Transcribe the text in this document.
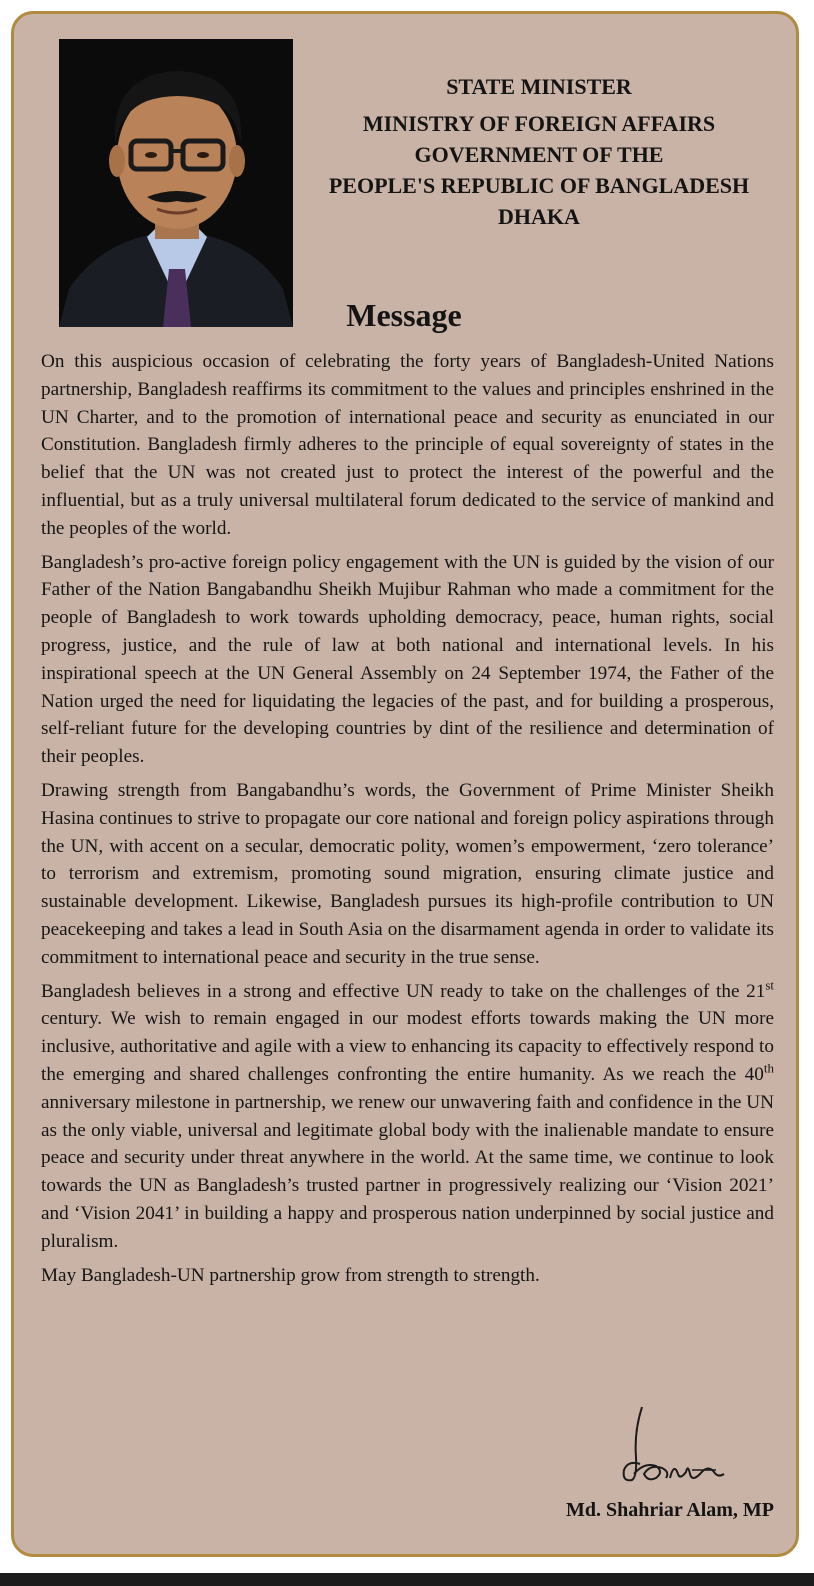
STATE MINISTER
MINISTRY OF FOREIGN AFFAIRS
GOVERNMENT OF THE
PEOPLE'S REPUBLIC OF BANGLADESH
DHAKA
Message

On this auspicious occasion of celebrating the forty years of Bangladesh-United Nations partnership, Bangladesh reaffirms its commitment to the values and principles enshrined in the UN Charter, and to the promotion of international peace and security as enunciated in our Constitution. Bangladesh firmly adheres to the principle of equal sovereignty of states in the belief that the UN was not created just to protect the interest of the powerful and the influential, but as a truly universal multilateral forum dedicated to the service of mankind and the peoples of the world.

Bangladesh’s pro-active foreign policy engagement with the UN is guided by the vision of our Father of the Nation Bangabandhu Sheikh Mujibur Rahman who made a commitment for the people of Bangladesh to work towards upholding democracy, peace, human rights, social progress, justice, and the rule of law at both national and international levels. In his inspirational speech at the UN General Assembly on 24 September 1974, the Father of the Nation urged the need for liquidating the legacies of the past, and for building a prosperous, self-reliant future for the developing countries by dint of the resilience and determination of their peoples.

Drawing strength from Bangabandhu’s words, the Government of Prime Minister Sheikh Hasina continues to strive to propagate our core national and foreign policy aspirations through the UN, with accent on a secular, democratic polity, women’s empowerment, ‘zero tolerance’ to terrorism and extremism, promoting sound migration, ensuring climate justice and sustainable development. Likewise, Bangladesh pursues its high-profile contribution to UN peacekeeping and takes a lead in South Asia on the disarmament agenda in order to validate its commitment to international peace and security in the true sense.

Bangladesh believes in a strong and effective UN ready to take on the challenges of the 21st century. We wish to remain engaged in our modest efforts towards making the UN more inclusive, authoritative and agile with a view to enhancing its capacity to effectively respond to the emerging and shared challenges confronting the entire humanity. As we reach the 40th anniversary milestone in partnership, we renew our unwavering faith and confidence in the UN as the only viable, universal and legitimate global body with the inalienable mandate to ensure peace and security under threat anywhere in the world. At the same time, we continue to look towards the UN as Bangladesh’s trusted partner in progressively realizing our ‘Vision 2021’ and ‘Vision 2041’ in building a happy and prosperous nation underpinned by social justice and pluralism.

May Bangladesh-UN partnership grow from strength to strength.

Md. Shahriar Alam, MP
